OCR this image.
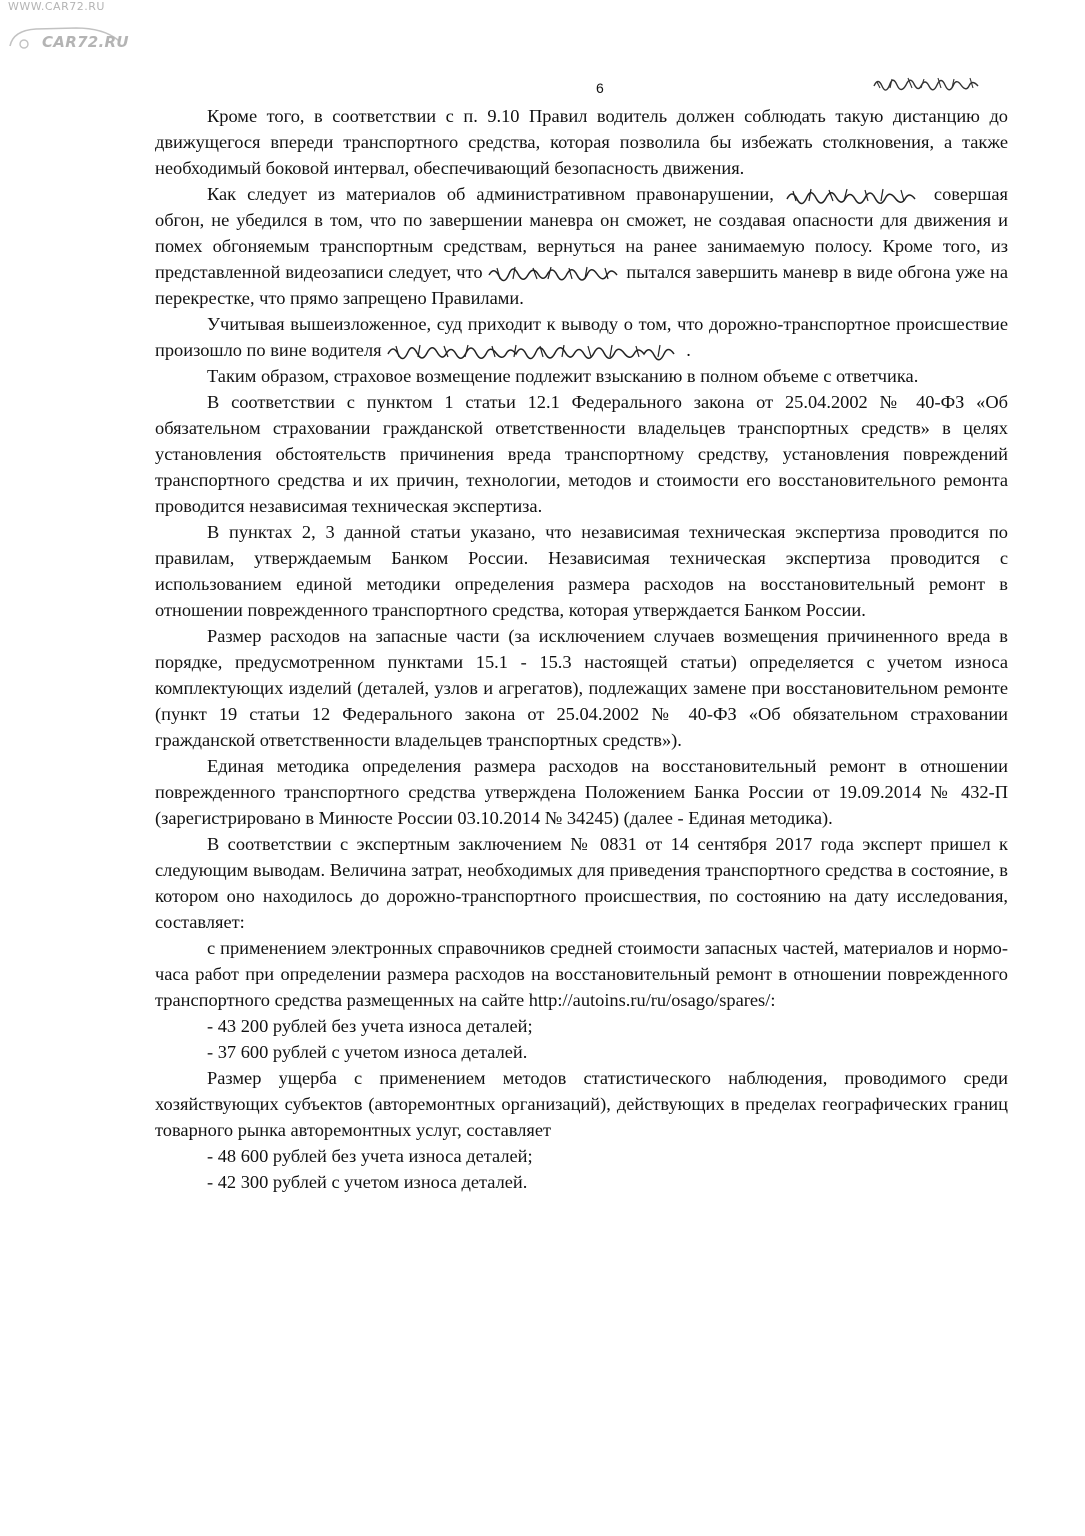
WWW.CAR72.RU
CAR72.RU
6

Кроме того, в соответствии с п. 9.10 Правил водитель должен соблюдать такую дистанцию до движущегося впереди транспортного средства, которая позволила бы избежать столкновения, а также необходимый боковой интервал, обеспечивающий безопасность движения.

Как следует из материалов об административном правонарушении,	совершая обгон, не убедился в том, что по завершении маневра он сможет, не создавая опасности для движения и помех обгоняемым транспортным средствам, вернуться на ранее занимаемую полосу. Кроме того, из представленной видеозаписи следует, что	пытался завершить маневр в виде обгона уже на перекрестке, что прямо запрещено Правилами.

Учитывая вышеизложенное, суд приходит к выводу о том, что дорожно-транспортное происшествие произошло по вине водителя	.

Таким образом, страховое возмещение подлежит взысканию в полном объеме с ответчика.

В соответствии с пунктом 1 статьи 12.1 Федерального закона от 25.04.2002 № 40-ФЗ «Об обязательном страховании гражданской ответственности владельцев транспортных средств» в целях установления обстоятельств причинения вреда транспортному средству, установления повреждений транспортного средства и их причин, технологии, методов и стоимости его восстановительного ремонта проводится независимая техническая экспертиза.

В пунктах 2, 3 данной статьи указано, что независимая техническая экспертиза проводится по правилам, утверждаемым Банком России. Независимая техническая экспертиза проводится с использованием единой методики определения размера расходов на восстановительный ремонт в отношении поврежденного транспортного средства, которая утверждается Банком России.

Размер расходов на запасные части (за исключением случаев возмещения причиненного вреда в порядке, предусмотренном пунктами 15.1 - 15.3 настоящей статьи) определяется с учетом износа комплектующих изделий (деталей, узлов и агрегатов), подлежащих замене при восстановительном ремонте (пункт 19 статьи 12 Федерального закона от 25.04.2002 № 40-ФЗ «Об обязательном страховании гражданской ответственности владельцев транспортных средств»).

Единая методика определения размера расходов на восстановительный ремонт в отношении поврежденного транспортного средства утверждена Положением Банка России от 19.09.2014 № 432-П (зарегистрировано в Минюсте России 03.10.2014 № 34245) (далее - Единая методика).

В соответствии с экспертным заключением № 0831 от 14 сентября 2017 года эксперт пришел к следующим выводам. Величина затрат, необходимых для приведения транспортного средства в состояние, в котором оно находилось до дорожно-транспортного происшествия, по состоянию на дату исследования, составляет:

с применением электронных справочников средней стоимости запасных частей, материалов и нормо-часа работ при определении размера расходов на восстановительный ремонт в отношении поврежденного транспортного средства размещенных на сайте http://autoins.ru/ru/osago/spares/:

- 43 200 рублей без учета износа деталей;

- 37 600 рублей с учетом износа деталей.

Размер ущерба с применением методов статистического наблюдения, проводимого среди хозяйствующих субъектов (авторемонтных организаций), действующих в пределах географических границ товарного рынка авторемонтных услуг, составляет

- 48 600 рублей без учета износа деталей;

- 42 300 рублей с учетом износа деталей.
